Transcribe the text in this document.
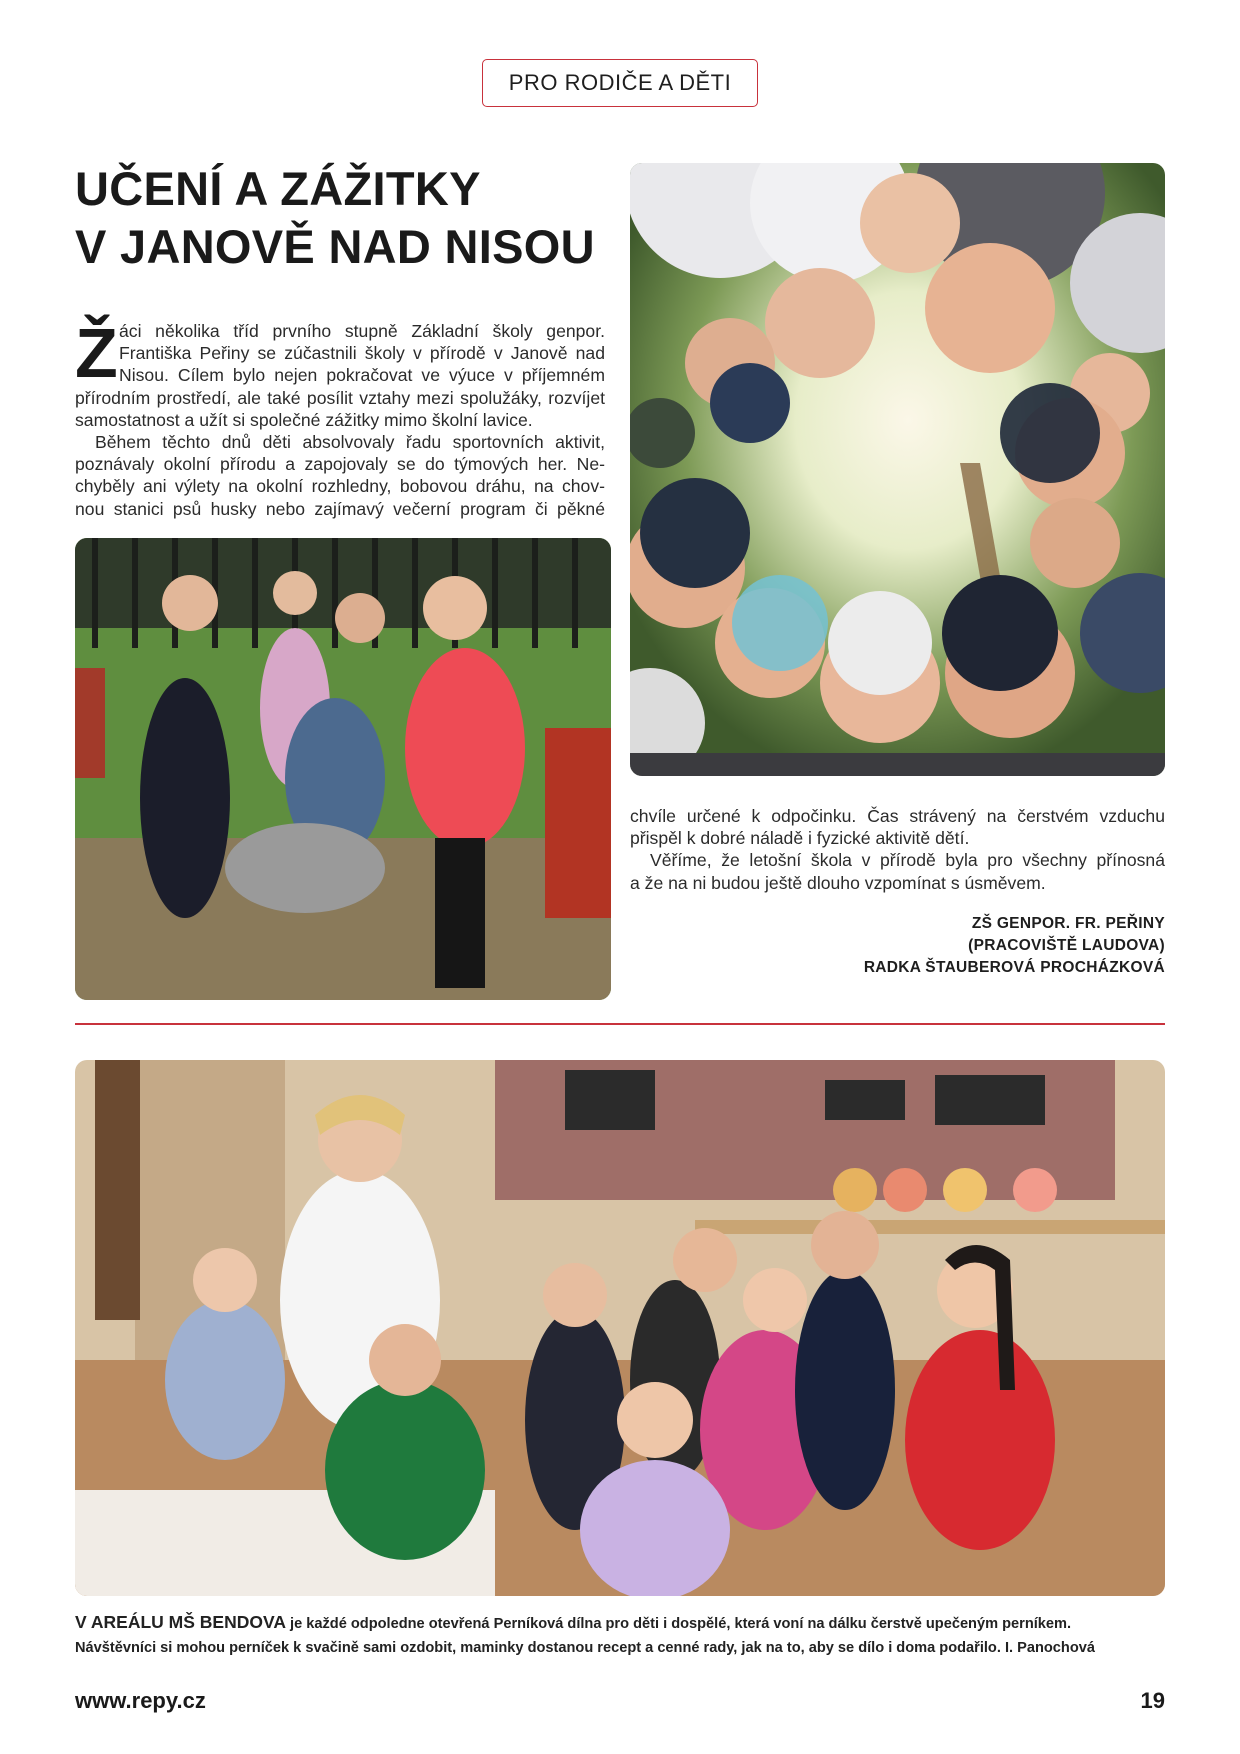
PRO RODIČE A DĚTI
UČENÍ A ZÁŽITKY
V JANOVĚ NAD NISOU
Ž áci několika tříd prvního stupně Základní školy genpor.
Františka Peřiny se zúčastnili školy v přírodě v Janově nad
Nisou. Cílem bylo nejen pokračovat ve výuce v příjemném
přírodním prostředí, ale také posílit vztahy mezi spolužáky, rozvíjet
samostatnost a užít si společné zážitky mimo školní lavice.
Během těchto dnů děti absolvovaly řadu sportovních aktivit,
poznávaly okolní přírodu a zapojovaly se do týmových her. Ne-
chyběly ani výlety na okolní rozhledny, bobovou dráhu, na chov-
nou stanici psů husky nebo zajímavý večerní program či pěkné
chvíle určené k odpočinku. Čas strávený na čerstvém vzduchu
přispěl k dobré náladě i fyzické aktivitě dětí.
Věříme, že letošní škola v přírodě byla pro všechny přínosná
a že na ni budou ještě dlouho vzpomínat s úsměvem.
ZŠ GENPOR. FR. PEŘINY
(PRACOVIŠTĚ LAUDOVA)
RADKA ŠTAUBEROVÁ PROCHÁZKOVÁ
V AREÁLU MŠ BENDOVA je každé odpoledne otevřená Perníková dílna pro děti i dospělé, která voní na dálku čerstvě upečeným perníkem.
Návštěvníci si mohou perníček k svačině sami ozdobit, maminky dostanou recept a cenné rady, jak na to, aby se dílo i doma podařilo. I. Panochová
www.repy.cz	19
